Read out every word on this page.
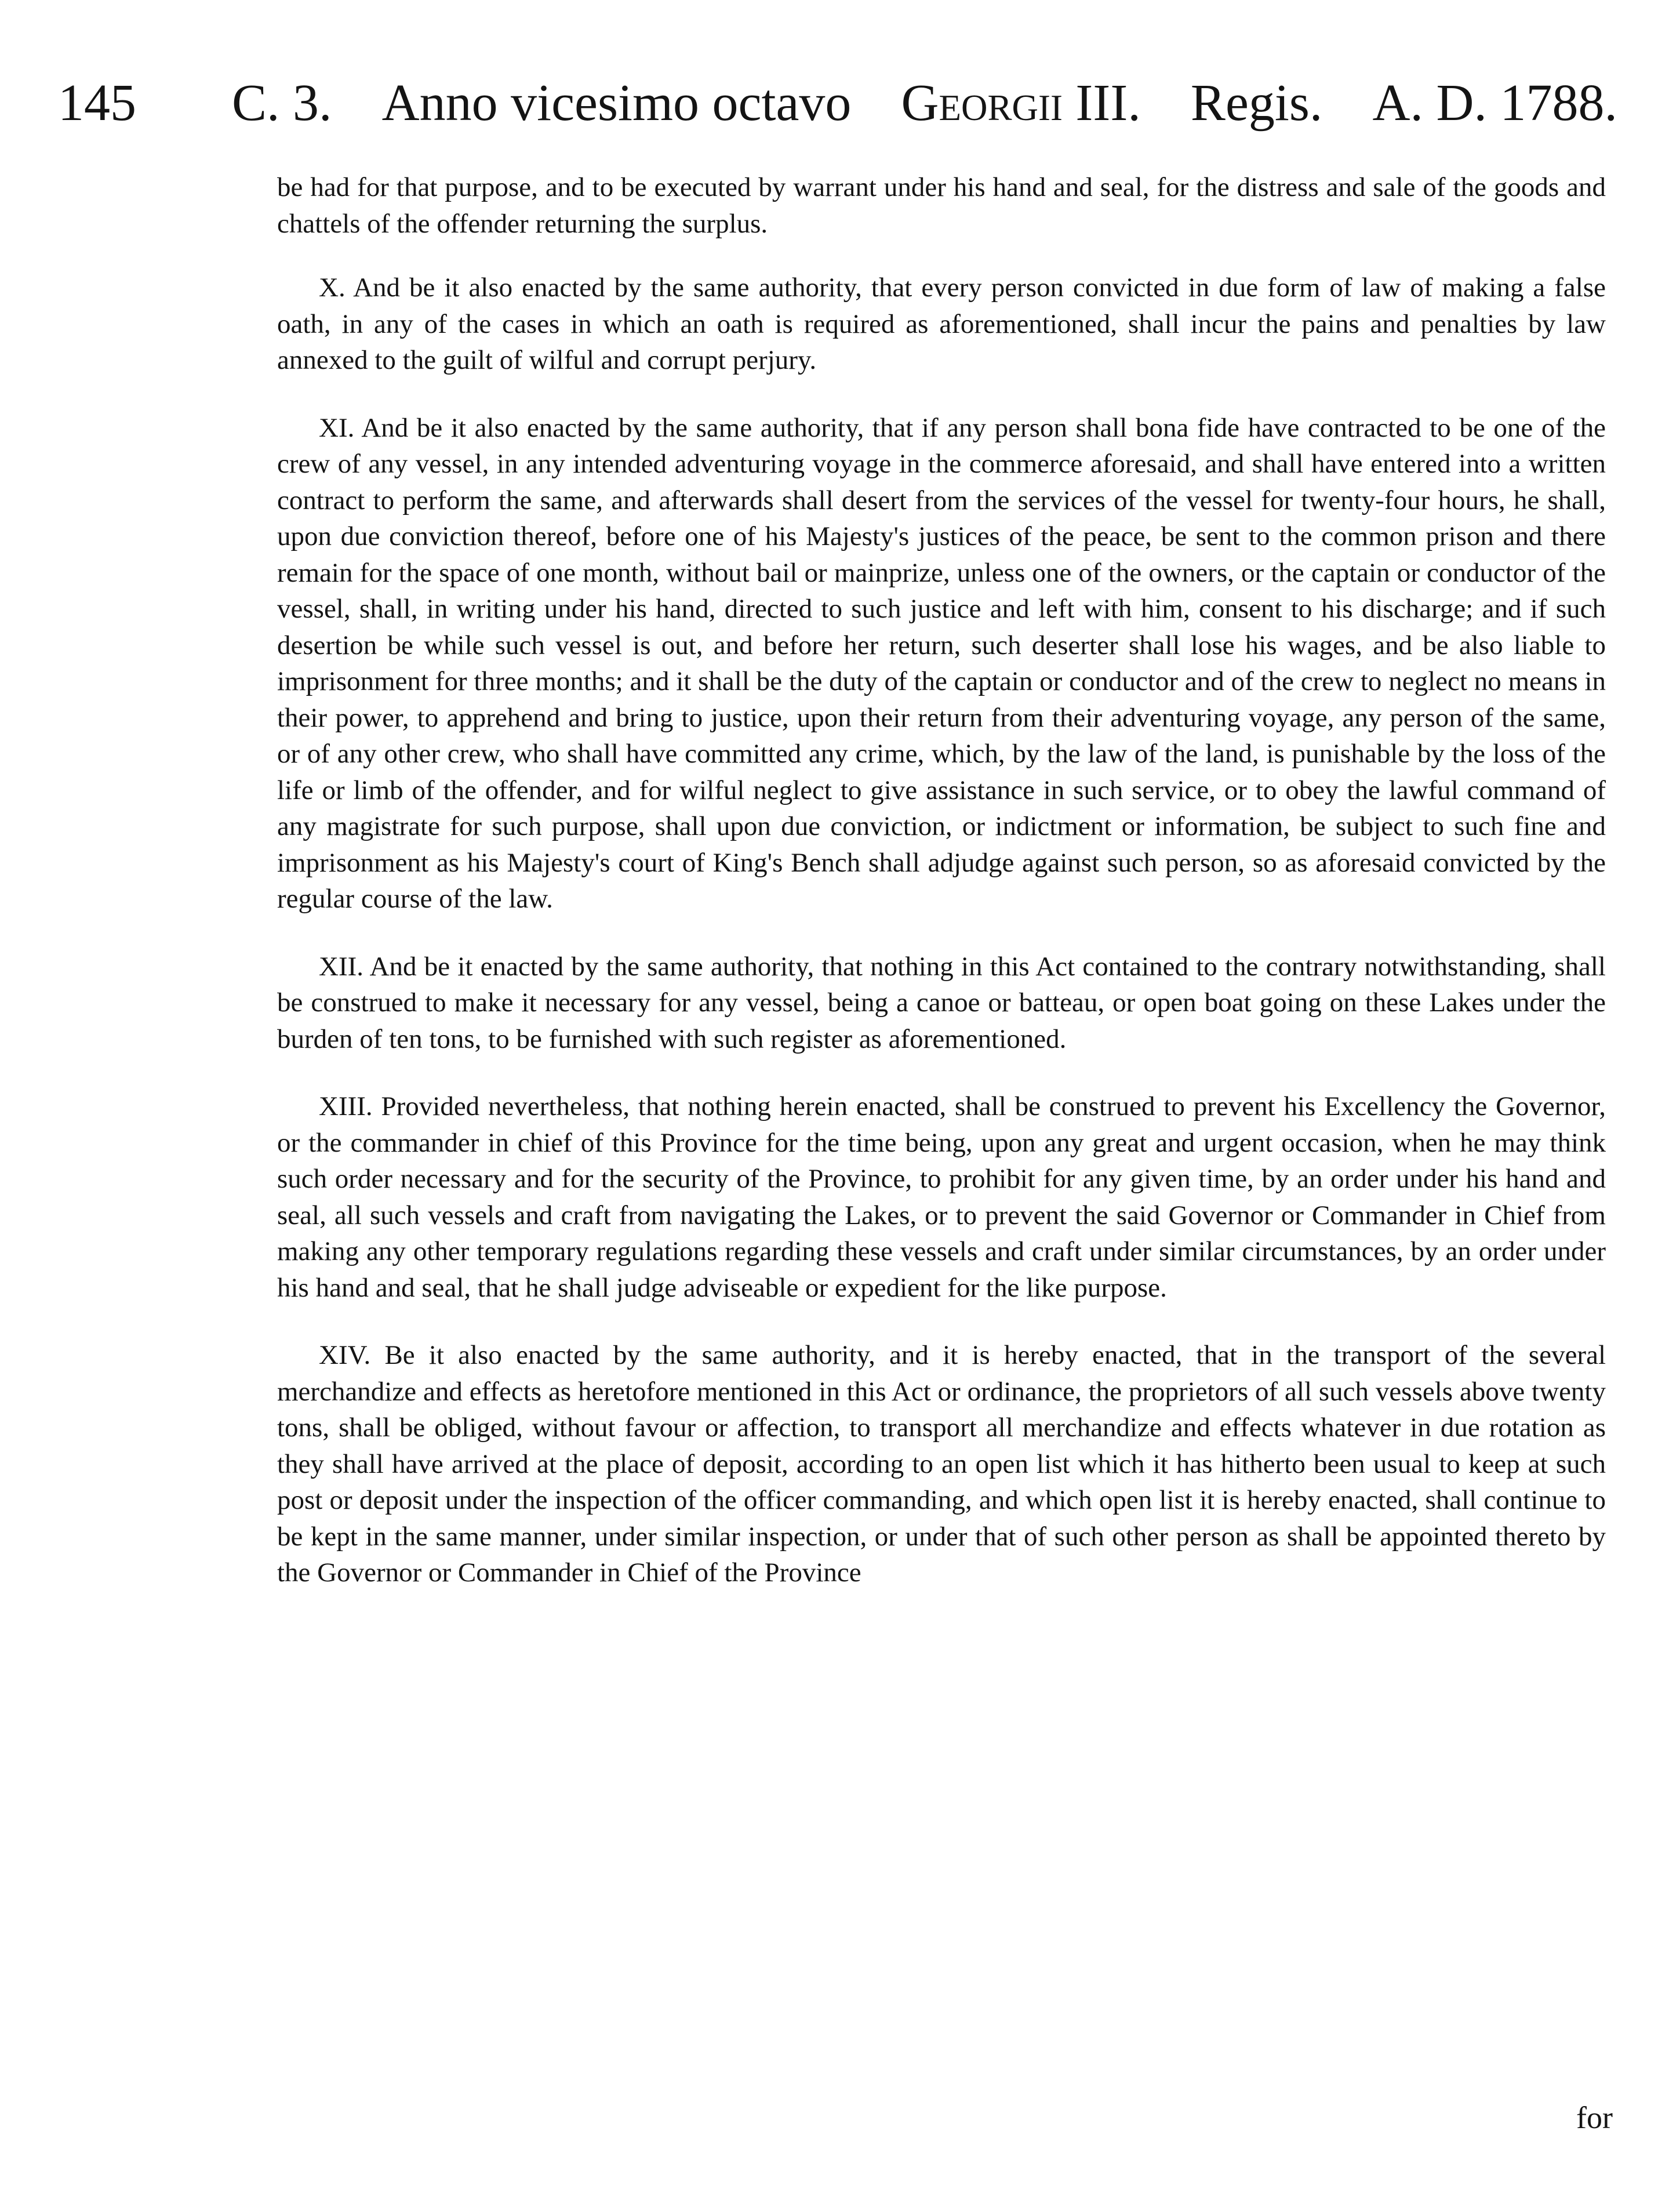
145 C. 3. Anno vicesimo octavo Georgii III. Regis. A. D. 1788.

be had for that purpose, and to be executed by warrant under his hand and seal, for the distress and sale of the goods and chattels of the offender returning the surplus.

X. And be it also enacted by the same authority, that every person convicted in due form of law of making a false oath, in any of the cases in which an oath is required as aforementioned, shall incur the pains and penalties by law annexed to the guilt of wilful and corrupt perjury.

XI. And be it also enacted by the same authority, that if any person shall bona fide have contracted to be one of the crew of any vessel, in any intended adventuring voyage in the commerce aforesaid, and shall have entered into a written contract to perform the same, and afterwards shall desert from the services of the vessel for twenty-four hours, he shall, upon due conviction thereof, before one of his Majesty's justices of the peace, be sent to the common prison and there remain for the space of one month, without bail or mainprize, unless one of the owners, or the captain or conductor of the vessel, shall, in writing under his hand, directed to such justice and left with him, consent to his discharge; and if such desertion be while such vessel is out, and before her return, such deserter shall lose his wages, and be also liable to imprisonment for three months; and it shall be the duty of the captain or conductor and of the crew to neglect no means in their power, to apprehend and bring to justice, upon their return from their adventuring voyage, any person of the same, or of any other crew, who shall have committed any crime, which, by the law of the land, is punishable by the loss of the life or limb of the offender, and for wilful neglect to give assistance in such service, or to obey the lawful command of any magistrate for such purpose, shall upon due conviction, or indictment or information, be subject to such fine and imprisonment as his Majesty's court of King's Bench shall adjudge against such person, so as aforesaid convicted by the regular course of the law.

XII. And be it enacted by the same authority, that nothing in this Act contained to the contrary notwithstanding, shall be construed to make it necessary for any vessel, being a canoe or batteau, or open boat going on these Lakes under the burden of ten tons, to be furnished with such register as aforementioned.

XIII. Provided nevertheless, that nothing herein enacted, shall be construed to prevent his Excellency the Governor, or the commander in chief of this Province for the time being, upon any great and urgent occasion, when he may think such order necessary and for the security of the Province, to prohibit for any given time, by an order under his hand and seal, all such vessels and craft from navigating the Lakes, or to prevent the said Governor or Commander in Chief from making any other temporary regulations regarding these vessels and craft under similar circumstances, by an order under his hand and seal, that he shall judge adviseable or expedient for the like purpose.

XIV. Be it also enacted by the same authority, and it is hereby enacted, that in the transport of the several merchandize and effects as heretofore mentioned in this Act or ordinance, the proprietors of all such vessels above twenty tons, shall be obliged, without favour or affection, to transport all merchandize and effects whatever in due rotation as they shall have arrived at the place of deposit, according to an open list which it has hitherto been usual to keep at such post or deposit under the inspection of the officer commanding, and which open list it is hereby enacted, shall continue to be kept in the same manner, under similar inspection, or under that of such other person as shall be appointed thereto by the Governor or Commander in Chief of the Province

for
